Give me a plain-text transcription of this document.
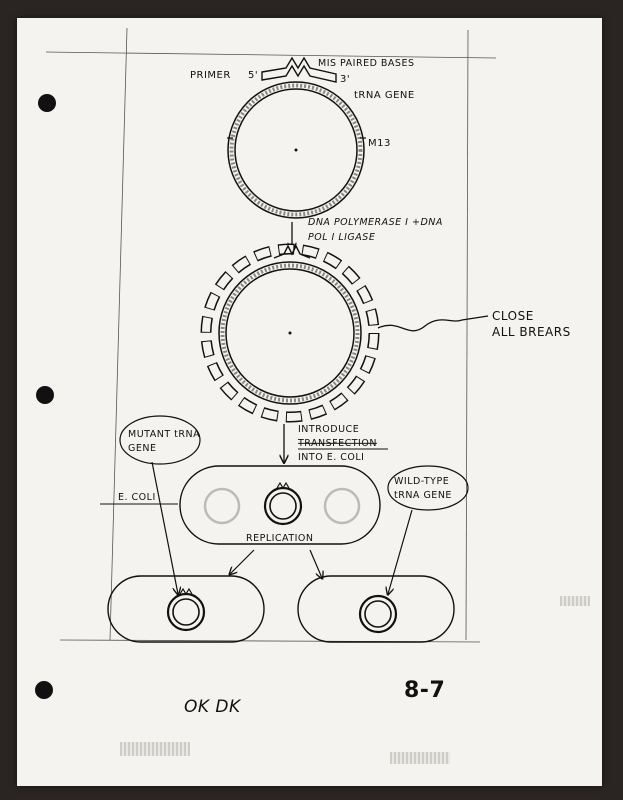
PRIMER 5'	3'
MIS PAIRED BASES
tRNA GENE
M13
DNA POLYMERASE I +DNA
POL I LIGASE
CLOSE
ALL BREARS
INTRODUCE
TRANSFECTION
INTO E. COLI
MUTANT tRNA
GENE
E. COLI
WILD-TYPE
tRNA GENE
REPLICATION
8-7
OK DK
